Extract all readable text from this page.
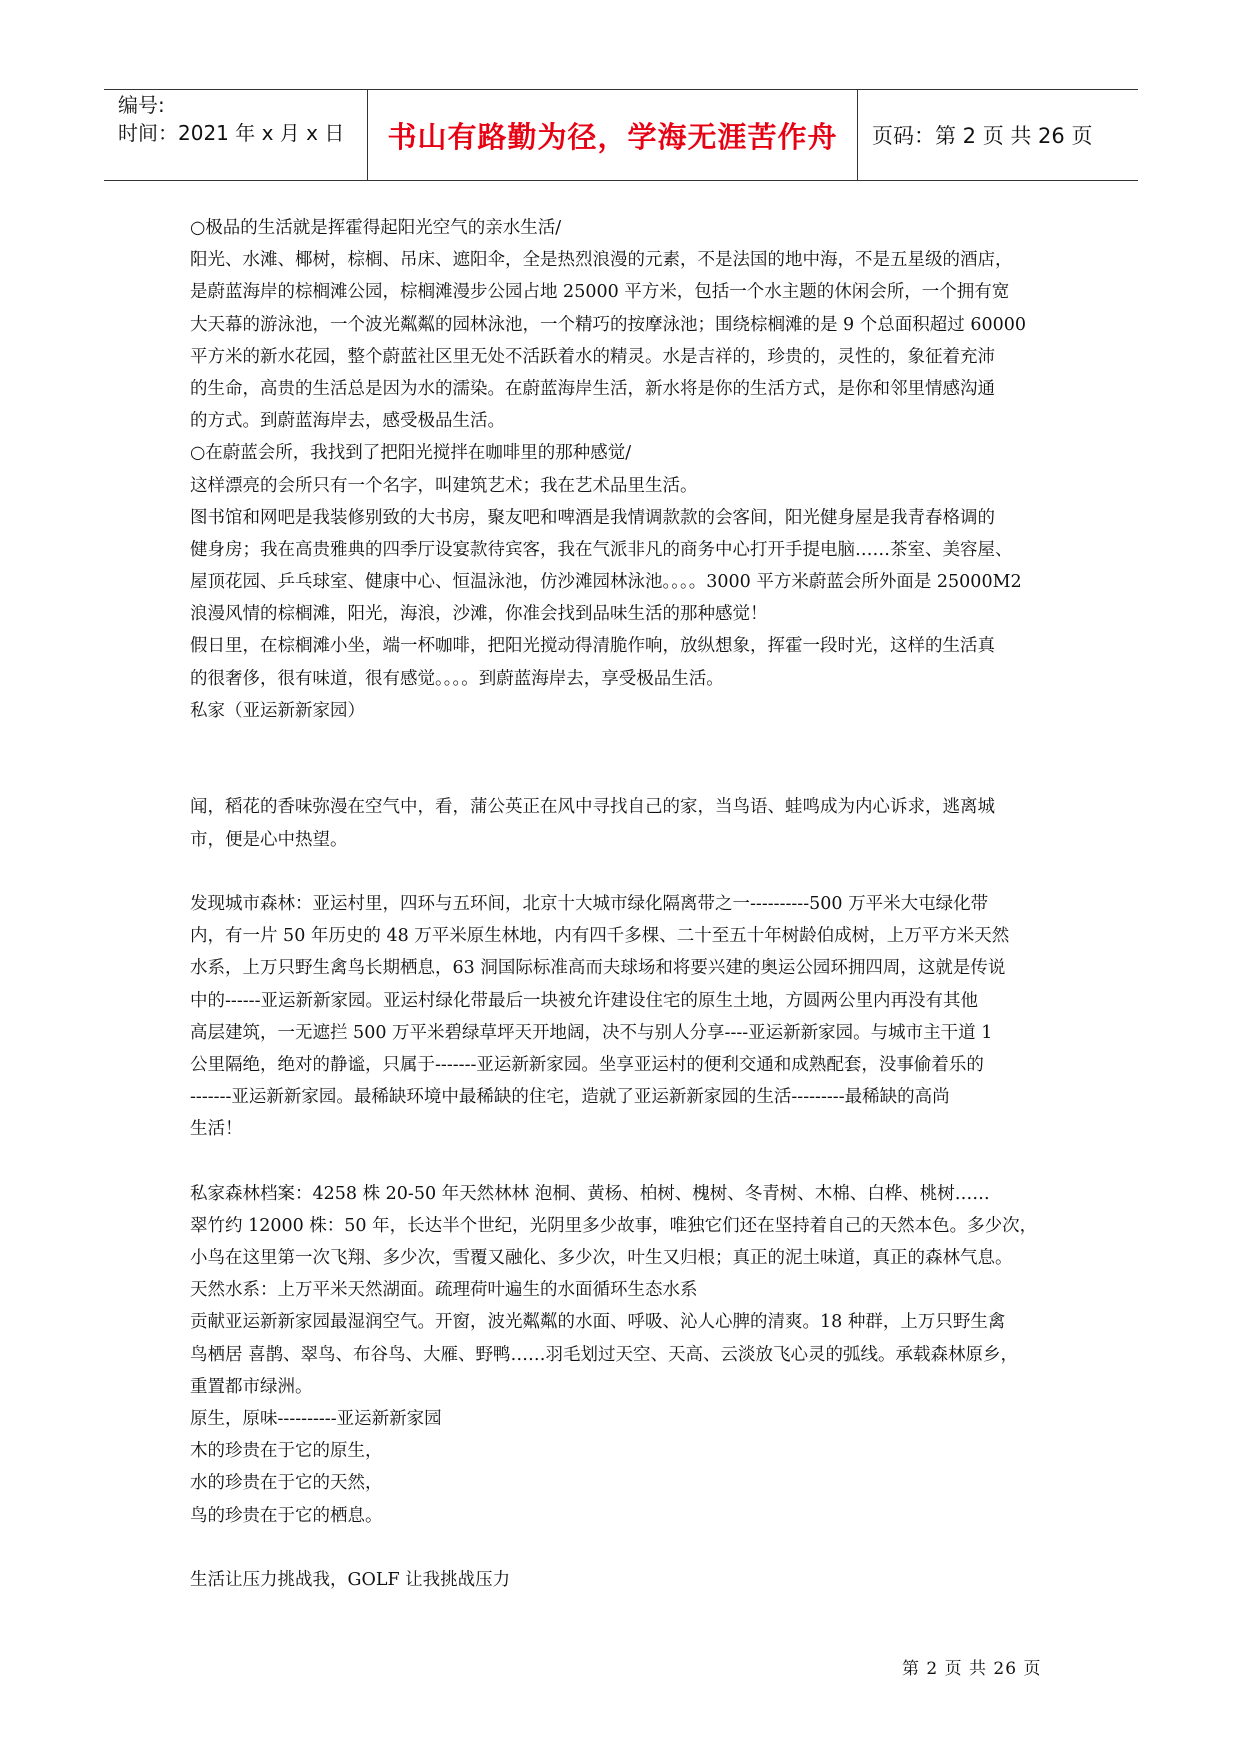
编号:
时间：2021 年 x 月 x 日	书山有路勤为径，学海无涯苦作舟	页码：第 2 页 共 26 页
○极品的生活就是挥霍得起阳光空气的亲水生活/
阳光、水滩、椰树，棕榈、吊床、遮阳伞，全是热烈浪漫的元素，不是法国的地中海，不是五星级的酒店，
是蔚蓝海岸的棕榈滩公园，棕榈滩漫步公园占地 25000 平方米，包括一个水主题的休闲会所，一个拥有宽
大天幕的游泳池，一个波光粼粼的园林泳池，一个精巧的按摩泳池；围绕棕榈滩的是 9 个总面积超过 60000
平方米的新水花园，整个蔚蓝社区里无处不活跃着水的精灵。水是吉祥的，珍贵的，灵性的，象征着充沛
的生命，高贵的生活总是因为水的濡染。在蔚蓝海岸生活，新水将是你的生活方式，是你和邻里情感沟通
的方式。到蔚蓝海岸去，感受极品生活。
○在蔚蓝会所，我找到了把阳光搅拌在咖啡里的那种感觉/
这样漂亮的会所只有一个名字，叫建筑艺术；我在艺术品里生活。
图书馆和网吧是我装修别致的大书房，聚友吧和啤酒是我情调款款的会客间，阳光健身屋是我青春格调的
健身房；我在高贵雅典的四季厅设宴款待宾客，我在气派非凡的商务中心打开手提电脑……茶室、美容屋、
屋顶花园、乒乓球室、健康中心、恒温泳池，仿沙滩园林泳池。。。。3000 平方米蔚蓝会所外面是 25000M2
浪漫风情的棕榈滩，阳光，海浪，沙滩，你准会找到品味生活的那种感觉！
假日里，在棕榈滩小坐，端一杯咖啡，把阳光搅动得清脆作响，放纵想象，挥霍一段时光，这样的生活真
的很奢侈，很有味道，很有感觉。。。。到蔚蓝海岸去，享受极品生活。
私家（亚运新新家园）
闻，稻花的香味弥漫在空气中，看，蒲公英正在风中寻找自己的家，当鸟语、蛙鸣成为内心诉求，逃离城
市，便是心中热望。
发现城市森林：亚运村里，四环与五环间，北京十大城市绿化隔离带之一----------500 万平米大屯绿化带
内，有一片 50 年历史的 48 万平米原生林地，内有四千多棵、二十至五十年树龄伯成树，上万平方米天然
水系，上万只野生禽鸟长期栖息，63 洞国际标准高而夫球场和将要兴建的奥运公园环拥四周，这就是传说
中的------亚运新新家园。亚运村绿化带最后一块被允许建设住宅的原生土地，方圆两公里内再没有其他
高层建筑，一无遮拦 500 万平米碧绿草坪天开地阔，决不与别人分享----亚运新新家园。与城市主干道 1
公里隔绝，绝对的静谧，只属于-------亚运新新家园。坐享亚运村的便利交通和成熟配套，没事偷着乐的
-------亚运新新家园。最稀缺环境中最稀缺的住宅，造就了亚运新新家园的生活---------最稀缺的高尚
生活！
私家森林档案：4258 株 20-50 年天然林林 泡桐、黄杨、柏树、槐树、冬青树、木棉、白桦、桃树……
翠竹约 12000 株：50 年，长达半个世纪，光阴里多少故事，唯独它们还在坚持着自己的天然本色。多少次，
小鸟在这里第一次飞翔、多少次，雪覆又融化、多少次，叶生又归根；真正的泥土味道，真正的森林气息。
天然水系：上万平米天然湖面。疏理荷叶遍生的水面循环生态水系
贡献亚运新新家园最湿润空气。开窗，波光粼粼的水面、呼吸、沁人心脾的清爽。18 种群，上万只野生禽
鸟栖居 喜鹊、翠鸟、布谷鸟、大雁、野鸭……羽毛划过天空、天高、云淡放飞心灵的弧线。承载森林原乡，
重置都市绿洲。
原生，原味----------亚运新新家园
木的珍贵在于它的原生，
水的珍贵在于它的天然，
鸟的珍贵在于它的栖息。
生活让压力挑战我，GOLF 让我挑战压力
第 2 页 共 26 页
